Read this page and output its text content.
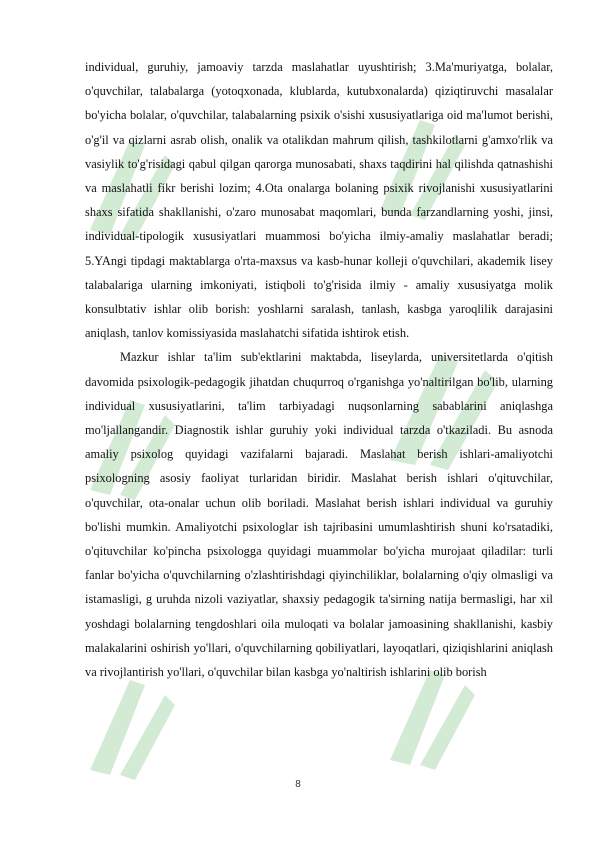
individual, guruhiy, jamoaviy tarzda maslahatlar uyushtirish; 3.Ma'muriyatga, bolalar, o'quvchilar, talabalarga (yotoqxonada, klublarda, kutubxonalarda) qiziqtiruvchi masalalar bo'yicha bolalar, o'quvchilar, talabalarning psixik o'sishi xususiyatlariga oid ma'lumot berishi, o'g'il va qizlarni asrab olish, onalik va otalikdan mahrum qilish, tashkilotlarni g'amxo'rlik va vasiylik to'g'risidagi qabul qilgan qarorga munosabati, shaxs taqdirini hal qilishda qatnashishi va maslahatli fikr berishi lozim; 4.Ota onalarga bolaning psixik rivojlanishi xususiyatlarini shaxs sifatida shakllanishi, o'zaro munosabat maqomlari, bunda farzandlarning yoshi, jinsi, individual-tipologik xususiyatlari muammosi bo'yicha ilmiy-amaliy maslahatlar beradi; 5.YAngi tipdagi maktablarga o'rta-maxsus va kasb-hunar kolleji o'quvchilari, akademik lisey talabalariga ularning imkoniyati, istiqboli to'g'risida ilmiy - amaliy xususiyatga molik konsulbtativ ishlar olib borish: yoshlarni saralash, tanlash, kasbga yaroqlilik darajasini aniqlash, tanlov komissiyasida maslahatchi sifatida ishtirok etish.

Mazkur ishlar ta'lim sub'ektlarini maktabda, liseylarda, universitetlarda o'qitish davomida psixologik-pedagogik jihatdan chuqurroq o'rganishga yo'naltirilgan bo'lib, ularning individual xususiyatlarini, ta'lim tarbiyadagi nuqsonlarning sabablarini aniqlashga mo'ljallangandir. Diagnostik ishlar guruhiy yoki individual tarzda o'tkaziladi. Bu asnoda amaliy psixolog quyidagi vazifalarni bajaradi. Maslahat berish ishlari-amaliyotchi psixologning asosiy faoliyat turlaridan biridir. Maslahat berish ishlari o'qituvchilar, o'quvchilar, ota-onalar uchun olib boriladi. Maslahat berish ishlari individual va guruhiy bo'lishi mumkin. Amaliyotchi psixologlar ish tajribasini umumlashtirish shuni ko'rsatadiki, o'qituvchilar ko'pincha psixologga quyidagi muammolar bo'yicha murojaat qiladilar: turli fanlar bo'yicha o'quvchilarning o'zlashtirishdagi qiyinchiliklar, bolalarning o'qiy olmasligi va istamasligi, g uruhda nizoli vaziyatlar, shaxsiy pedagogik ta'sirning natija bermasligi, har xil yoshdagi bolalarning tengdoshlari oila muloqati va bolalar jamoasining shakllanishi, kasbiy malakalarini oshirish yo'llari, o'quvchilarning qobiliyatlari, layoqatlari, qiziqishlarini aniqlash va rivojlantirish yo'llari, o'quvchilar bilan kasbga yo'naltirish ishlarini olib borish

8
